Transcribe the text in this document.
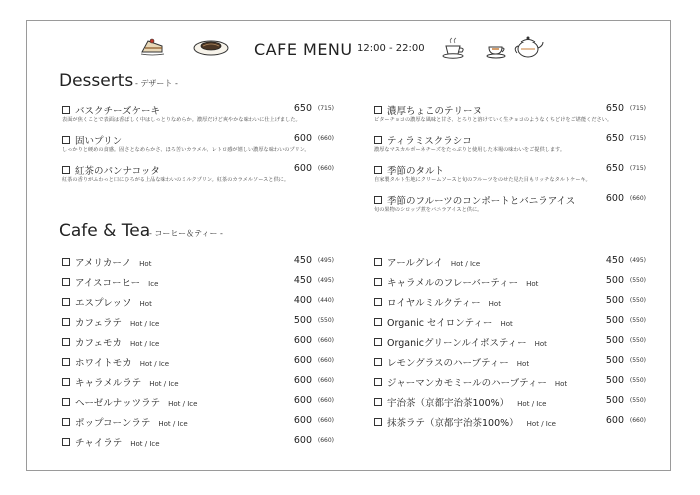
CAFE MENU 12:00 - 22:00
Desserts - デザート -
バスクチーズケーキ	650 (715)
表面が焦くことで表面は香ばしく中はしっとりなめらか。濃厚だけど爽やかな味わいに仕上げました。
固いプリン	600 (660)
しっかりと硬めの食感。固さとなめらかさ、ほろ苦いカラメル、レトロ感が嬉しい濃厚な味わいのプリン。
紅茶のパンナコッタ	600 (660)
紅茶の香りがふわっと口にひろがる上品な味わいのミルクプリン。紅茶のカラメルソースと供に。
濃厚ちょこのテリーヌ	650 (715)
ビターチョコの濃厚な風味と甘さ、とろりと溶けていく生チョコのようなくちどけをご堪能ください。
ティラミスクラシコ	650 (715)
濃厚なマスカルポーネチーズをたっぷりと使用した本場の味わいをご提供します。
季節のタルト	650 (715)
自家製タルト生地にクリームソースと旬のフルーツをのせた見た目もリッチなタルトケーキ。
季節のフルーツのコンポートとバニラアイス	600 (660)
旬の果物のシロップ煮をバニラアイスと供に。
Cafe & Tea
- コーヒー＆ティー -
アメリカーノ Hot	450 (495)
アイスコーヒー Ice	450 (495)
エスプレッソ Hot	400 (440)
カフェラテ Hot / Ice	500 (550)
カフェモカ Hot / Ice	600 (660)
ホワイトモカ Hot / Ice	600 (660)
キャラメルラテ Hot / Ice	600 (660)
ヘーゼルナッツラテ Hot / Ice	600 (660)
ポップコーンラテ Hot / Ice	600 (660)
チャイラテ Hot / Ice	600 (660)
アールグレイ Hot / Ice	450 (495)
キャラメルのフレーバーティー Hot	500 (550)
ロイヤルミルクティー Hot	500 (550)
Organic セイロンティー Hot	500 (550)
Organicグリーンルイボスティー Hot	500 (550)
レモングラスのハーブティー Hot	500 (550)
ジャーマンカモミールのハーブティー Hot	500 (550)
宇治茶（京都宇治茶100%） Hot / Ice	500 (550)
抹茶ラテ（京都宇治茶100%） Hot / Ice	600 (660)
